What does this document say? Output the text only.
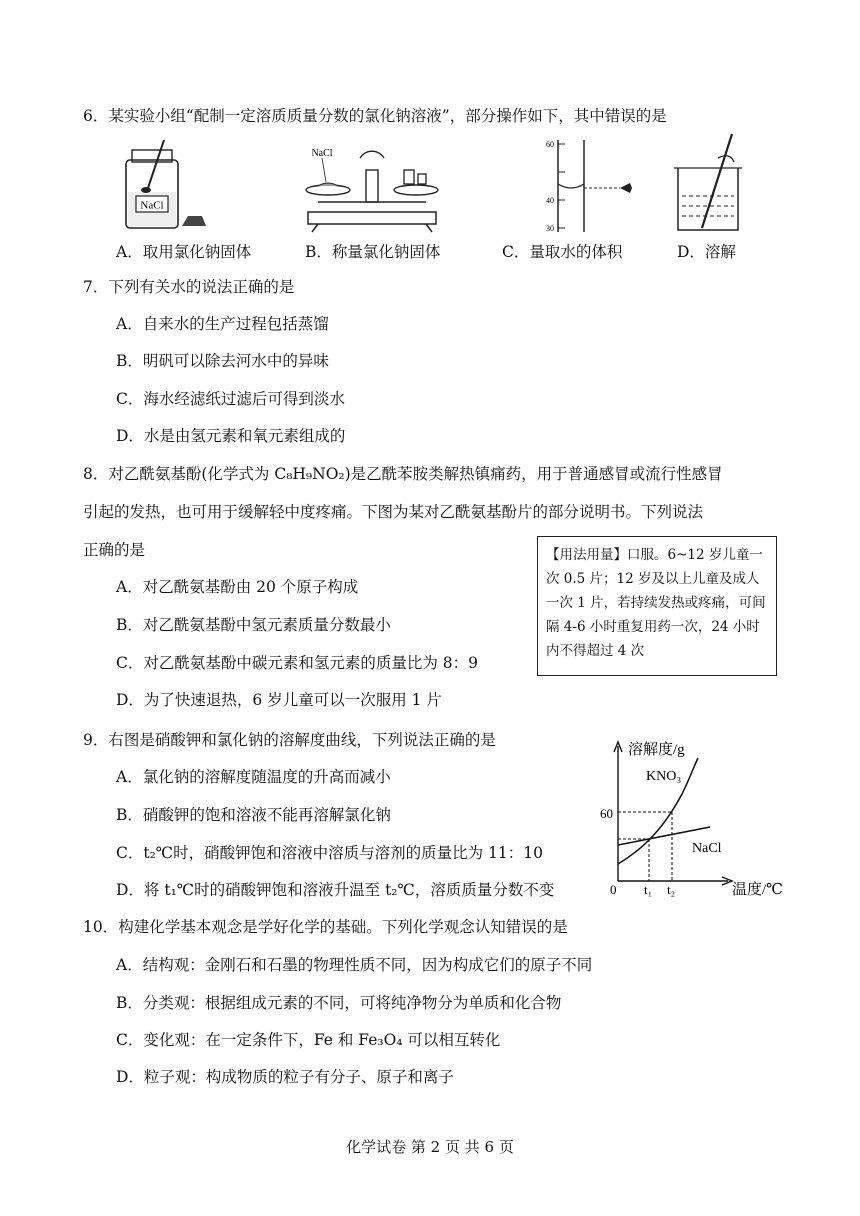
6．某实验小组“配制一定溶质质量分数的氯化钠溶液”，部分操作如下，其中错误的是
NaCl
NaCl
60
40
30
A．取用氯化钠固体	B．称量氯化钠固体	C．量取水的体积	D．溶解
7．下列有关水的说法正确的是
A．自来水的生产过程包括蒸馏
B．明矾可以除去河水中的异味
C．海水经滤纸过滤后可得到淡水
D．水是由氢元素和氧元素组成的
8．对乙酰氨基酚(化学式为 C₈H₉NO₂)是乙酰苯胺类解热镇痛药，用于普通感冒或流行性感冒
引起的发热，也可用于缓解轻中度疼痛。下图为某对乙酰氨基酚片的部分说明书。下列说法
正确的是	【用法用量】口服。6~12 岁儿童一次 0.5 片；12 岁及以上儿童及成人一次 1 片，若持续发热或疼痛，可间隔 4-6 小时重复用药一次，24 小时内不得超过 4 次
A．对乙酰氨基酚由 20 个原子构成
B．对乙酰氨基酚中氢元素质量分数最小
C．对乙酰氨基酚中碳元素和氢元素的质量比为 8：9
D．为了快速退热，6 岁儿童可以一次服用 1 片
9．右图是硝酸钾和氯化钠的溶解度曲线，下列说法正确的是
A．氯化钠的溶解度随温度的升高而减小
B．硝酸钾的饱和溶液不能再溶解氯化钠
C．t₂℃时，硝酸钾饱和溶液中溶质与溶剂的质量比为 11：10
D．将 t₁℃时的硝酸钾饱和溶液升温至 t₂℃，溶质质量分数不变
溶解度/g
温度/℃
0
60
KNO₃
NaCl
t₁ t₂
10．构建化学基本观念是学好化学的基础。下列化学观念认知错误的是
A．结构观：金刚石和石墨的物理性质不同，因为构成它们的原子不同
B．分类观：根据组成元素的不同，可将纯净物分为单质和化合物
C．变化观：在一定条件下，Fe 和 Fe₃O₄ 可以相互转化
D．粒子观：构成物质的粒子有分子、原子和离子
化学试卷 第 2 页 共 6 页
